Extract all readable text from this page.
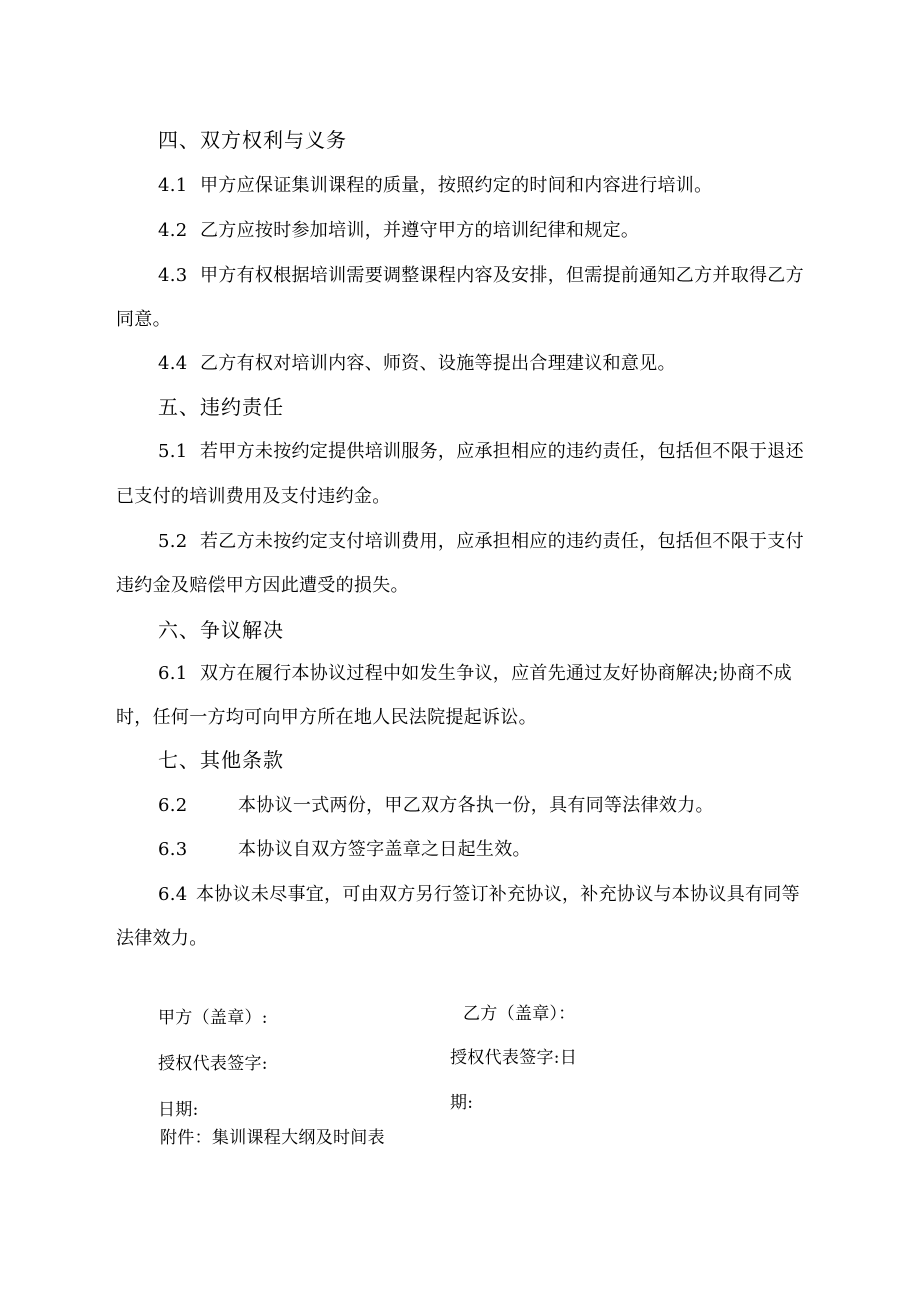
四、双方权利与义务
4.1 甲方应保证集训课程的质量，按照约定的时间和内容进行培训。
4.2 乙方应按时参加培训，并遵守甲方的培训纪律和规定。
4.3 甲方有权根据培训需要调整课程内容及安排，但需提前通知乙方并取得乙方
同意。
4.4 乙方有权对培训内容、师资、设施等提出合理建议和意见。
五、违约责任
5.1 若甲方未按约定提供培训服务，应承担相应的违约责任，包括但不限于退还
已支付的培训费用及支付违约金。
5.2 若乙方未按约定支付培训费用，应承担相应的违约责任，包括但不限于支付
违约金及赔偿甲方因此遭受的损失。
六、争议解决
6.1 双方在履行本协议过程中如发生争议，应首先通过友好协商解决;协商不成
时，任何一方均可向甲方所在地人民法院提起诉讼。
七、其他条款
6.2	本协议一式两份，甲乙双方各执一份，具有同等法律效力。
6.3	本协议自双方签字盖章之日起生效。
6.4 本协议未尽事宜，可由双方另行签订补充协议，补充协议与本协议具有同等
法律效力。
甲方（盖章）:	乙方（盖章）：
授权代表签字:	授权代表签字:日
日期:	期:
附件：集训课程大纲及时间表
